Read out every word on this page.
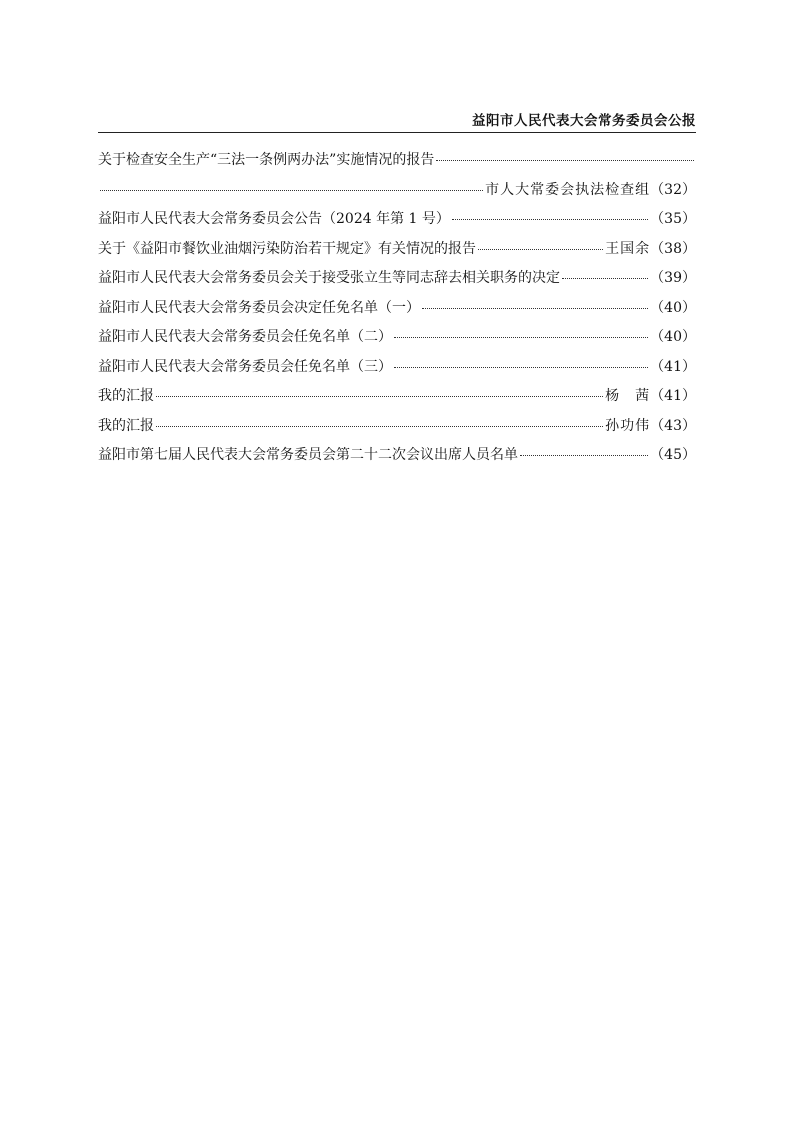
益阳市人民代表大会常务委员会公报
关于检查安全生产“三法一条例两办法”实施情况的报告
市人大常委会执法检查组 （32）
益阳市人民代表大会常务委员会公告（2024 年第 1 号）	（35）
关于《益阳市餐饮业油烟污染防治若干规定》有关情况的报告	王国余 （38）
益阳市人民代表大会常务委员会关于接受张立生等同志辞去相关职务的决定	（39）
益阳市人民代表大会常务委员会决定任免名单（一）	（40）
益阳市人民代表大会常务委员会任免名单（二）	（40）
益阳市人民代表大会常务委员会任免名单（三）	（41）
我的汇报	杨　茜 （41）
我的汇报	孙功伟 （43）
益阳市第七届人民代表大会常务委员会第二十二次会议出席人员名单	（45）
